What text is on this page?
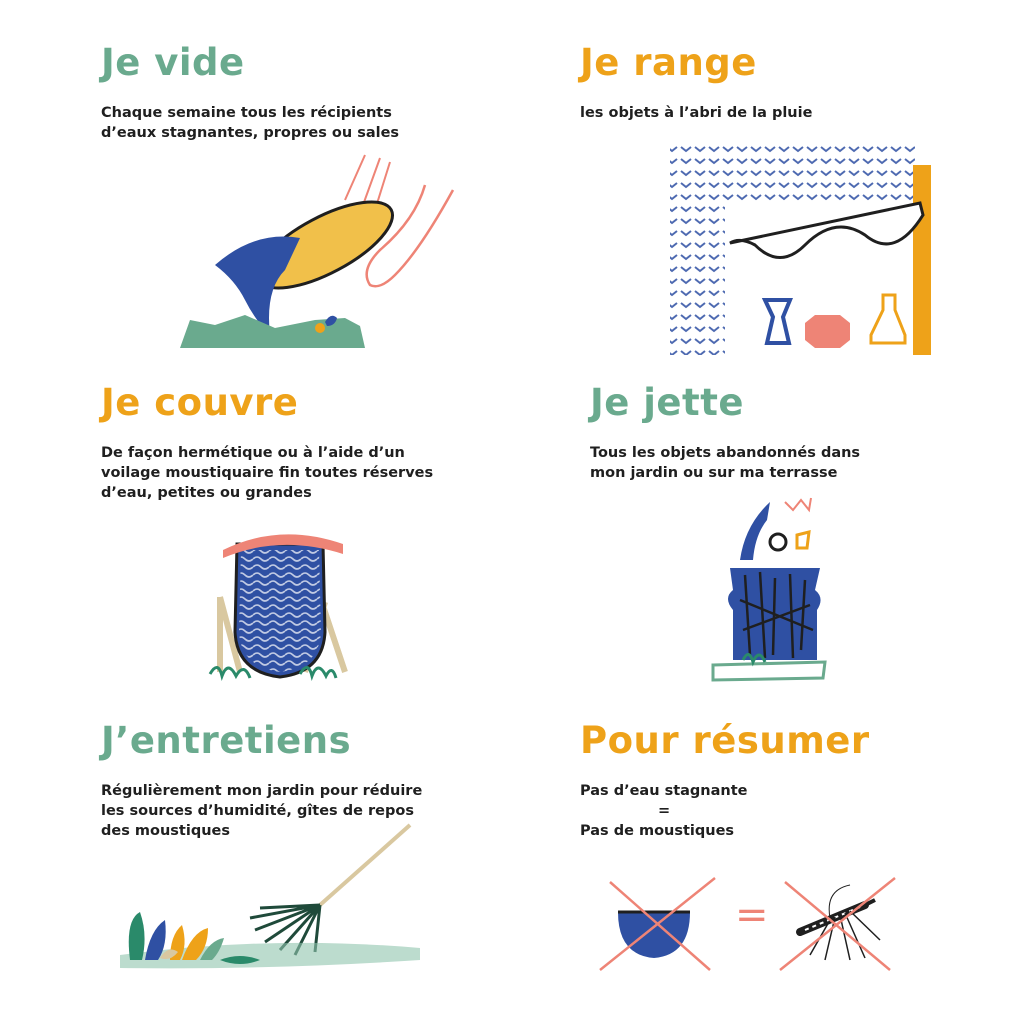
Je vide

Chaque semaine tous les récipients
d’eaux stagnantes, propres ou sales

Je range

les objets à l’abri de la pluie

Je couvre

De façon hermétique ou à l’aide d’un
voilage moustiquaire fin toutes réserves
d’eau, petites ou grandes

Je jette

Tous les objets abandonnés dans
mon jardin ou sur ma terrasse

J’entretiens

Régulièrement mon jardin pour réduire
les sources d’humidité, gîtes de repos
des moustiques

Pour résumer

Pas d’eau stagnante
=
Pas de moustiques

=
